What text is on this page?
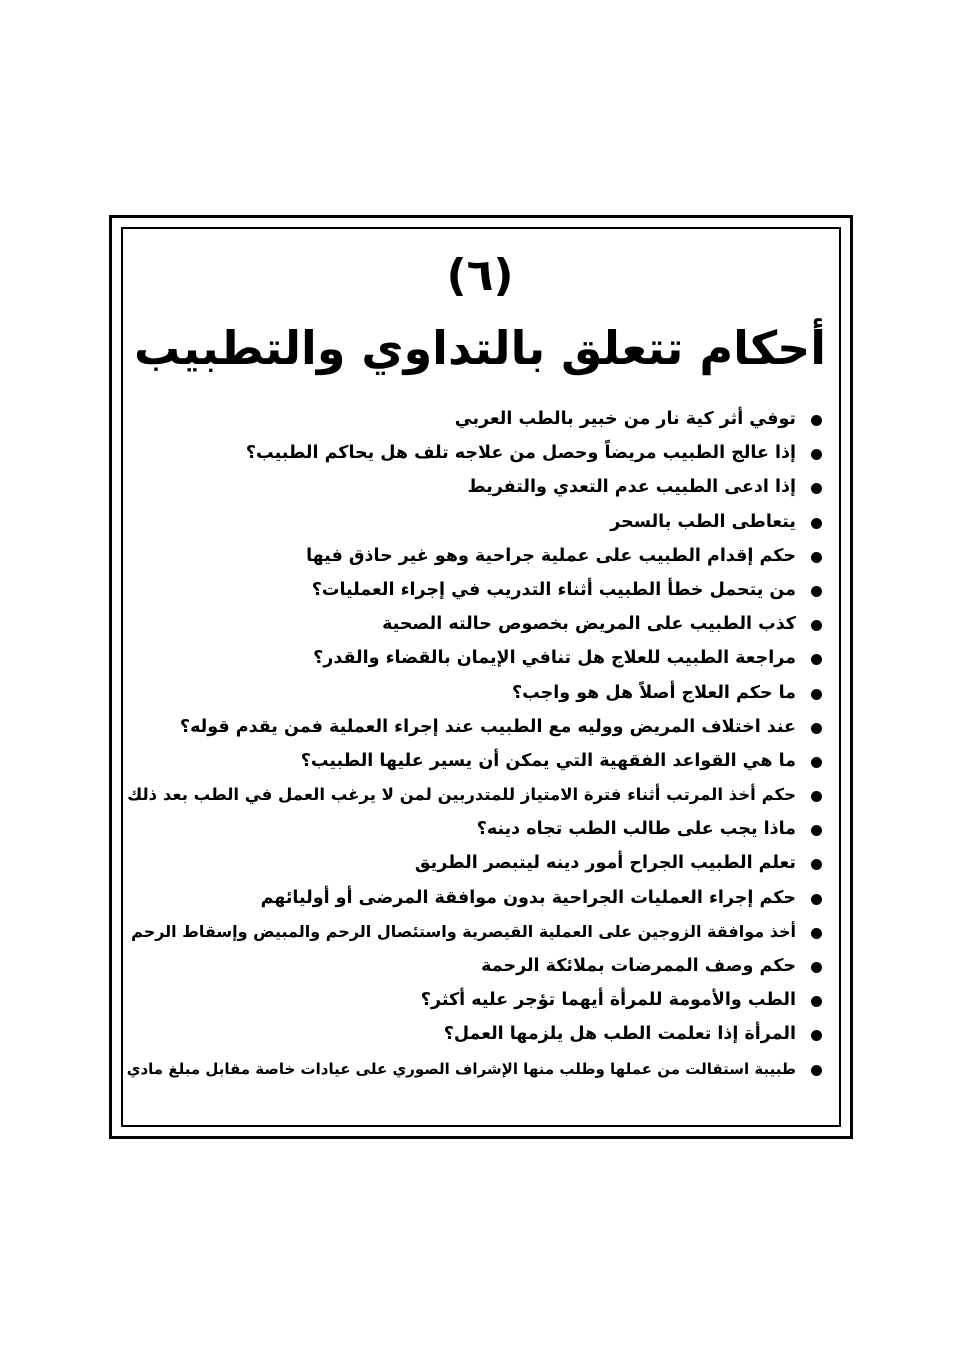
(٦)
أحكام تتعلق بالتداوي والتطبيب
توفي أثر كية نار من خبير بالطب العربي
إذا عالج الطبيب مريضاً وحصل من علاجه تلف هل يحاكم الطبيب؟
إذا ادعى الطبيب عدم التعدي والتفريط
يتعاطى الطب بالسحر
حكم إقدام الطبيب على عملية جراحية وهو غير حاذق فيها
من يتحمل خطأ الطبيب أثناء التدريب في إجراء العمليات؟
كذب الطبيب على المريض بخصوص حالته الصحية
مراجعة الطبيب للعلاج هل تنافي الإيمان بالقضاء والقدر؟
ما حكم العلاج أصلاً هل هو واجب؟
عند اختلاف المريض ووليه مع الطبيب عند إجراء العملية فمن يقدم قوله؟
ما هي القواعد الفقهية التي يمكن أن يسير عليها الطبيب؟
حكم أخذ المرتب أثناء فترة الامتياز للمتدربين لمن لا يرغب العمل في الطب بعد ذلك
ماذا يجب على طالب الطب تجاه دينه؟
تعلم الطبيب الجراح أمور دينه ليتبصر الطريق
حكم إجراء العمليات الجراحية بدون موافقة المرضى أو أوليائهم
أخذ موافقة الزوجين على العملية القيصرية واستئصال الرحم والمبيض وإسقاط الرحم
حكم وصف الممرضات بملائكة الرحمة
الطب والأمومة للمرأة أيهما تؤجر عليه أكثر؟
المرأة إذا تعلمت الطب هل يلزمها العمل؟
طبيبة استقالت من عملها وطلب منها الإشراف الصوري على عيادات خاصة مقابل مبلغ مادي
